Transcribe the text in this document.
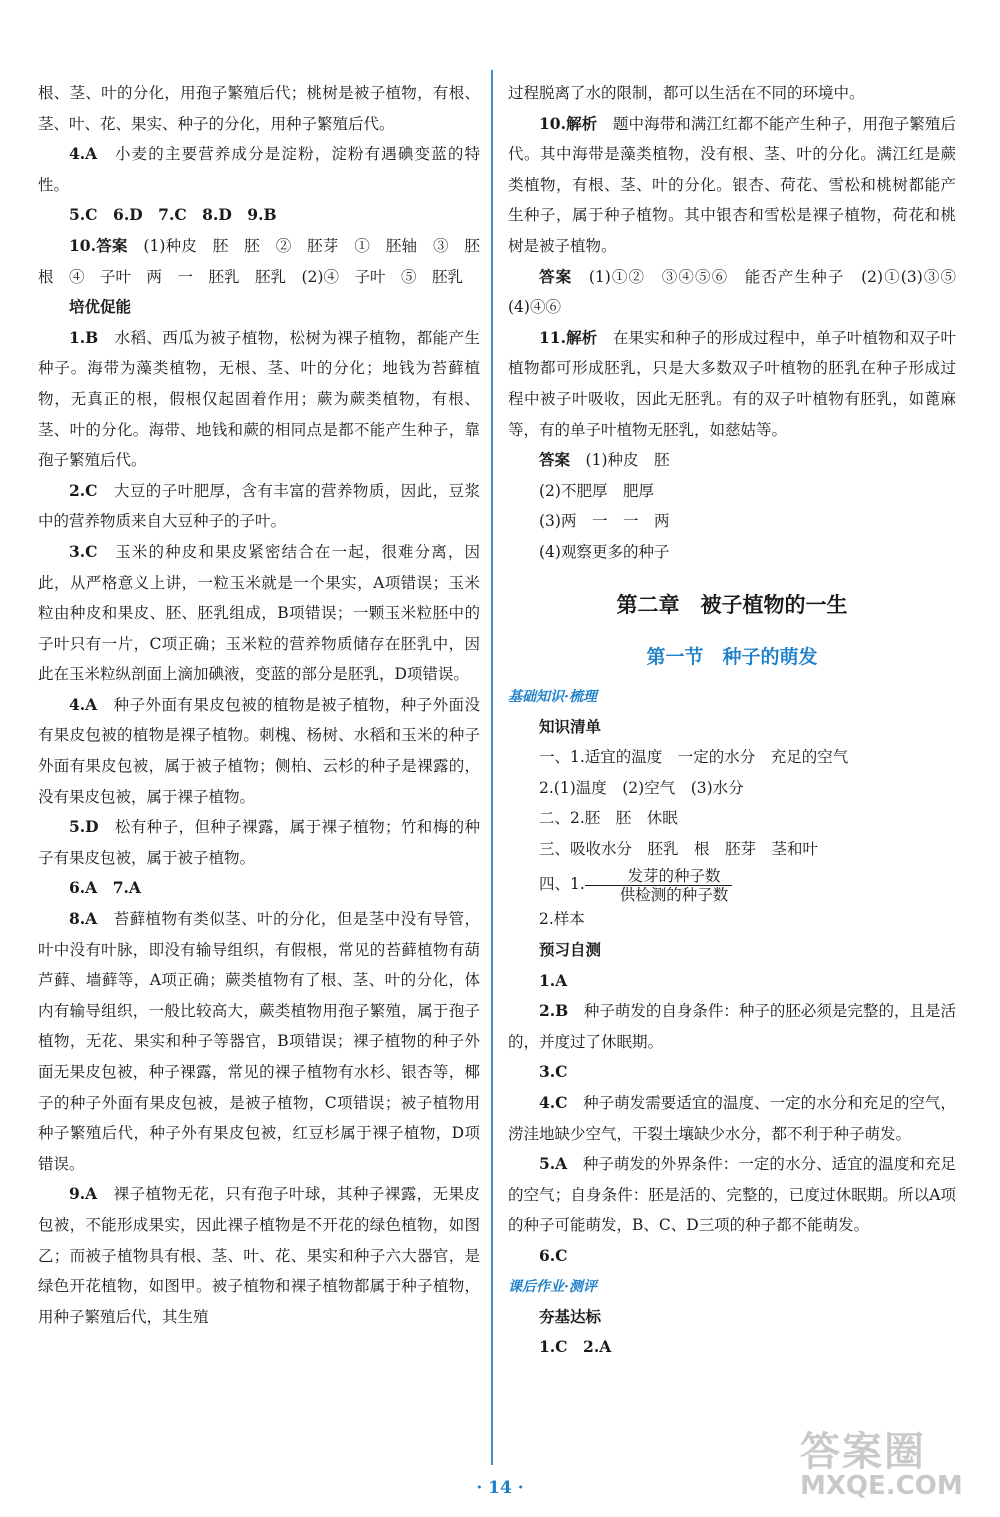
根、茎、叶的分化，用孢子繁殖后代；桃树是被子植物，有根、茎、叶、花、果实、种子的分化，用种子繁殖后代。

4.A　 小麦的主要营养成分是淀粉，淀粉有遇碘变蓝的特性。

5.C　 6.D　7.C　8.D　9.B

10.答案　 (1)种皮　胚　胚　②　胚芽　①　胚轴　③　胚根　④　子叶　两　一　胚乳　胚乳　(2)④　子叶　⑤　胚乳

培优促能

1.B　 水稻、西瓜为被子植物，松树为裸子植物，都能产生种子。海带为藻类植物，无根、茎、叶的分化；地钱为苔藓植物，无真正的根，假根仅起固着作用；蕨为蕨类植物，有根、茎、叶的分化。海带、地钱和蕨的相同点是都不能产生种子，靠孢子繁殖后代。

2.C　 大豆的子叶肥厚，含有丰富的营养物质，因此，豆浆中的营养物质来自大豆种子的子叶。

3.C　 玉米的种皮和果皮紧密结合在一起，很难分离，因此，从严格意义上讲，一粒玉米就是一个果实，A项错误；玉米粒由种皮和果皮、胚、胚乳组成，B项错误；一颗玉米粒胚中的子叶只有一片，C项正确；玉米粒的营养物质储存在胚乳中，因此在玉米粒纵剖面上滴加碘液，变蓝的部分是胚乳，D项错误。

4.A　 种子外面有果皮包被的植物是被子植物，种子外面没有果皮包被的植物是裸子植物。刺槐、杨树、水稻和玉米的种子外面有果皮包被，属于被子植物；侧柏、云杉的种子是裸露的，没有果皮包被，属于裸子植物。

5.D　 松有种子，但种子裸露，属于裸子植物；竹和梅的种子有果皮包被，属于被子植物。

6.A　 7.A

8.A　 苔藓植物有类似茎、叶的分化，但是茎中没有导管，叶中没有叶脉，即没有输导组织，有假根，常见的苔藓植物有葫芦藓、墙藓等，A项正确；蕨类植物有了根、茎、叶的分化，体内有输导组织，一般比较高大，蕨类植物用孢子繁殖，属于孢子植物，无花、果实和种子等器官，B项错误；裸子植物的种子外面无果皮包被，种子裸露，常见的裸子植物有水杉、银杏等，椰子的种子外面有果皮包被，是被子植物，C项错误；被子植物用种子繁殖后代，种子外有果皮包被，红豆杉属于裸子植物，D项错误。

9.A　 裸子植物无花，只有孢子叶球，其种子裸露，无果皮包被，不能形成果实，因此裸子植物是不开花的绿色植物，如图乙；而被子植物具有根、茎、叶、花、果实和种子六大器官，是绿色开花植物，如图甲。被子植物和裸子植物都属于种子植物，用种子繁殖后代，其生殖

过程脱离了水的限制，都可以生活在不同的环境中。

10.解析　 题中海带和满江红都不能产生种子，用孢子繁殖后代。其中海带是藻类植物，没有根、茎、叶的分化。满江红是蕨类植物，有根、茎、叶的分化。银杏、荷花、雪松和桃树都能产生种子，属于种子植物。其中银杏和雪松是裸子植物，荷花和桃树是被子植物。

答案　 (1)①②　③④⑤⑥　能否产生种子　(2)①(3)③⑤　(4)④⑥

11.解析　 在果实和种子的形成过程中，单子叶植物和双子叶植物都可形成胚乳，只是大多数双子叶植物的胚乳在种子形成过程中被子叶吸收，因此无胚乳。有的双子叶植物有胚乳，如蓖麻等，有的单子叶植物无胚乳，如慈姑等。

答案　 (1)种皮　胚

(2)不肥厚　肥厚

(3)两　一　一　两

(4)观察更多的种子

第二章　被子植物的一生
第一节　种子的萌发
基础知识·梳理

知识清单

一、1.适宜的温度　一定的水分　充足的空气

2.(1)温度　(2)空气　(3)水分

二、2.胚　胚　休眠

三、吸收水分　胚乳　根　胚芽　茎和叶

四、1. $\frac{\text{发芽的种子数}}{\text{供检测的种子数}}$

2.样本

预习自测

1.A

2.B　 种子萌发的自身条件：种子的胚必须是完整的，且是活的，并度过了休眠期。

3.C

4.C　 种子萌发需要适宜的温度、一定的水分和充足的空气，涝洼地缺少空气，干裂土壤缺少水分，都不利于种子萌发。

5.A　 种子萌发的外界条件：一定的水分、适宜的温度和充足的空气；自身条件：胚是活的、完整的，已度过休眠期。所以A项的种子可能萌发，B、C、D三项的种子都不能萌发。

6.C

课后作业·测评

夯基达标

1.C　 2.A

· 14 ·
答案圈
MXQE.COM
